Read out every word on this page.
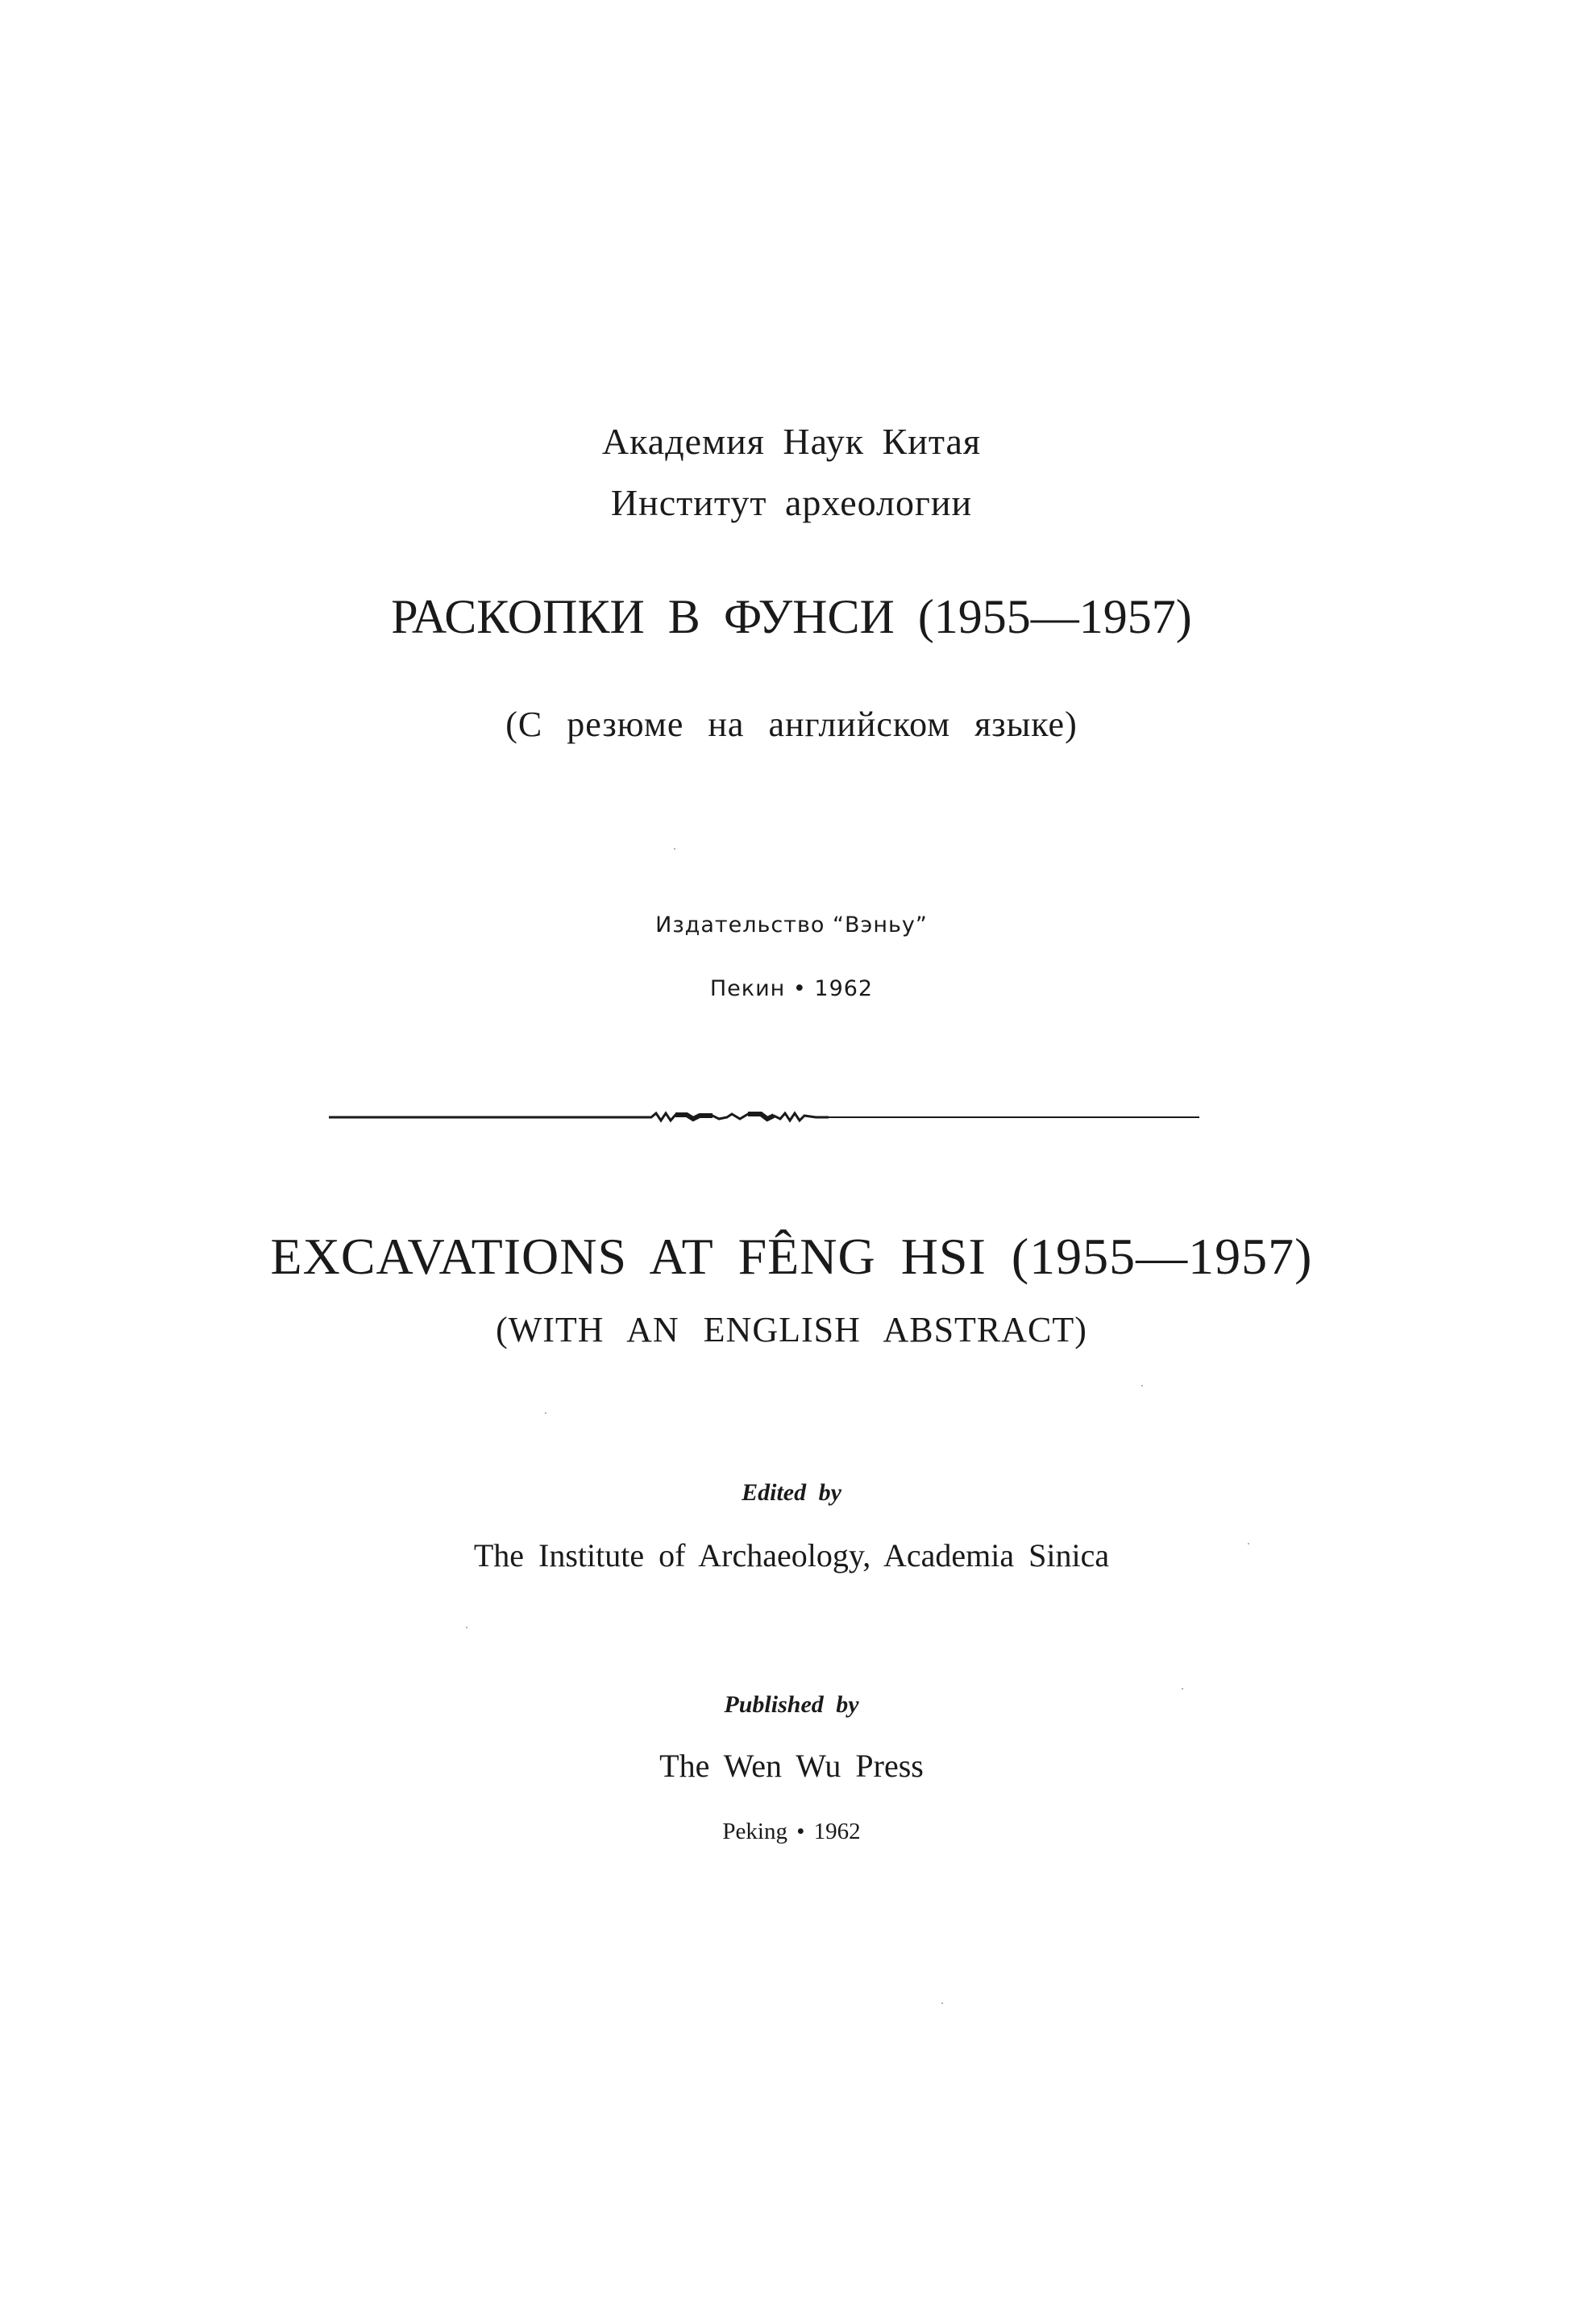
Академия Наук Китая
Институт археологии
РАСКОПКИ В ФУНСИ (1955—1957)
(С резюме на английском языке)
Издательство “Вэньу”
Пекин • 1962
EXCAVATIONS AT FÊNG HSI (1955—1957)
(WITH AN ENGLISH ABSTRACT)
Edited by
The Institute of Archaeology, Academia Sinica
Published by
The Wen Wu Press
Peking • 1962
